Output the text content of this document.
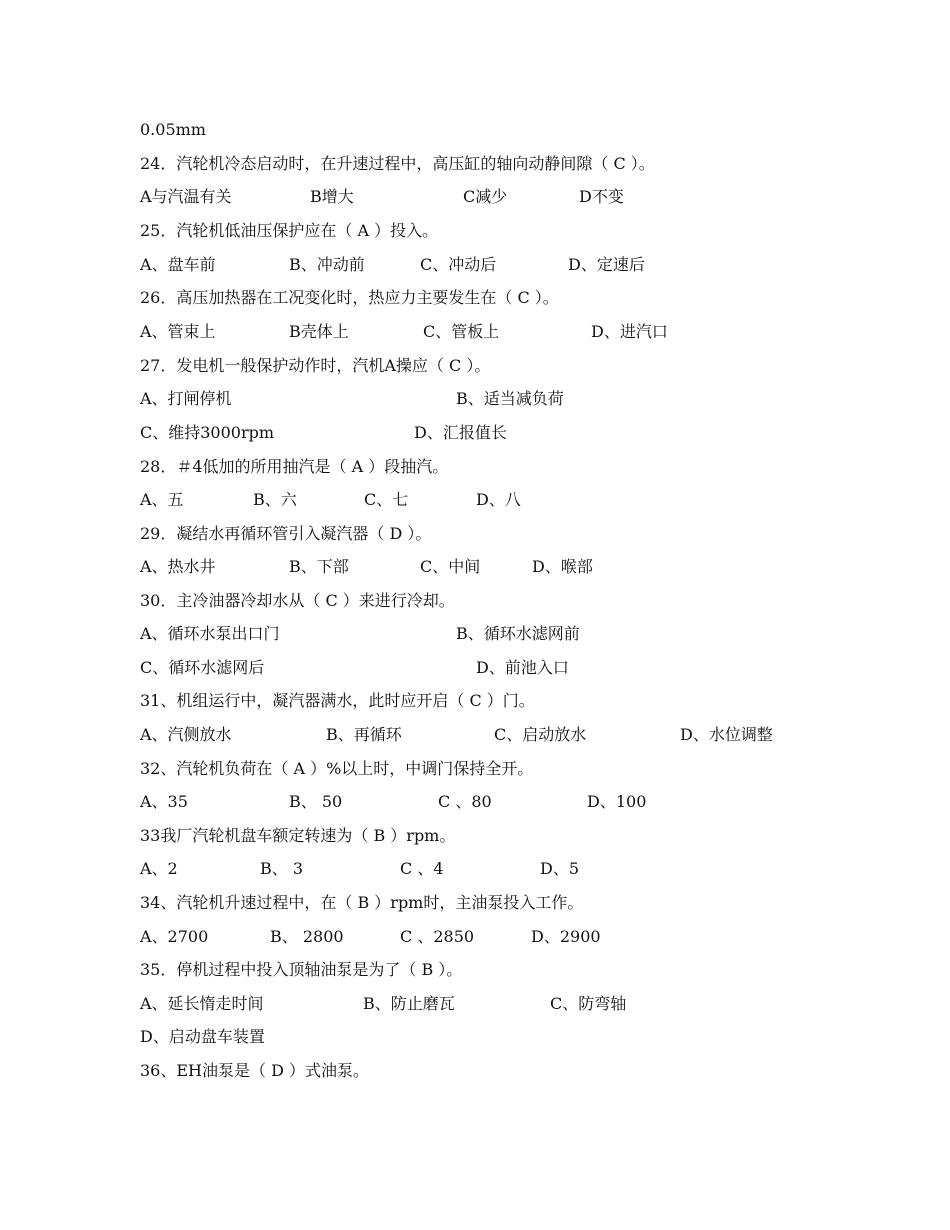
0.05mm
24．汽轮机冷态启动时，在升速过程中，高压缸的轴向动静间隙（ C ）。
A与汽温有关	B增大	C减少	D不变
25．汽轮机低油压保护应在（ A ）投入。
A、盘车前	B、冲动前	C、冲动后	D、定速后
26．高压加热器在工况变化时，热应力主要发生在（ C ）。
A、管束上	B壳体上	C、管板上	D、进汽口
27．发电机一般保护动作时，汽机A操应（ C ）。
A、打闸停机	B、适当减负荷
C、维持3000rpm	D、汇报值长
28．＃4低加的所用抽汽是（ A ）段抽汽。
A、五	B、六	C、七	D、八
29．凝结水再循环管引入凝汽器（ D ）。
A、热水井	B、下部	C、中间	D、喉部
30．主冷油器冷却水从（ C ）来进行冷却。
A、循环水泵出口门	B、循环水滤网前
C、循环水滤网后	D、前池入口
31、机组运行中，凝汽器满水，此时应开启（ C ）门。
A、汽侧放水	B、再循环	C、启动放水	D、水位调整
32、汽轮机负荷在（ A ）%以上时，中调门保持全开。
A、35	B、 50	C 、80	D、100
33我厂汽轮机盘车额定转速为（ B ）rpm。
A、2	B、 3	C 、4	D、5
34、汽轮机升速过程中，在（ B ）rpm时，主油泵投入工作。
A、2700	B、 2800	C 、2850	D、2900
35．停机过程中投入顶轴油泵是为了（ B ）。
A、延长惰走时间	B、防止磨瓦	C、防弯轴
D、启动盘车装置
36、EH油泵是（ D ）式油泵。
